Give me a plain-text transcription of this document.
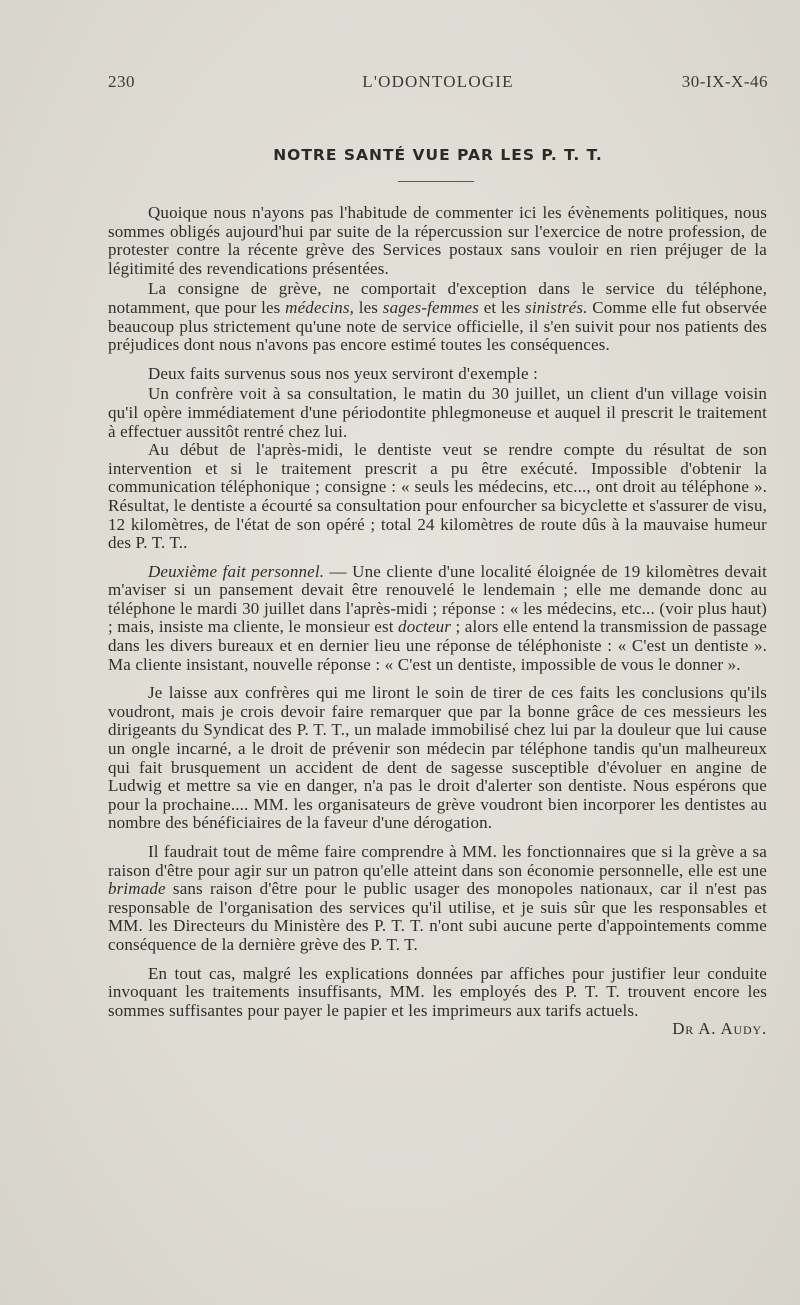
230	L'ODONTOLOGIE	30-IX-X-46
NOTRE SANTÉ VUE PAR LES P. T. T.

Quoique nous n'ayons pas l'habitude de commenter ici les évènements politiques, nous sommes obligés aujourd'hui par suite de la répercussion sur l'exercice de notre profession, de protester contre la récente grève des Services postaux sans vouloir en rien préjuger de la légitimité des revendications présentées.

La consigne de grève, ne comportait d'exception dans le service du téléphone, notamment, que pour les médecins, les sages-femmes et les sinistrés. Comme elle fut observée beaucoup plus strictement qu'une note de service officielle, il s'en suivit pour nos patients des préjudices dont nous n'avons pas encore estimé toutes les conséquences.

Deux faits survenus sous nos yeux serviront d'exemple :

Un confrère voit à sa consultation, le matin du 30 juillet, un client d'un village voisin qu'il opère immédiatement d'une périodontite phlegmoneuse et auquel il prescrit le traitement à effectuer aussitôt rentré chez lui.

Au début de l'après-midi, le dentiste veut se rendre compte du résultat de son intervention et si le traitement prescrit a pu être exécuté. Impossible d'obtenir la communication téléphonique ; consigne : « seuls les médecins, etc..., ont droit au téléphone ». Résultat, le dentiste a écourté sa consultation pour enfourcher sa bicyclette et s'assurer de visu, 12 kilomètres, de l'état de son opéré ; total 24 kilomètres de route dûs à la mauvaise humeur des P. T. T..

Deuxième fait personnel. — Une cliente d'une localité éloignée de 19 kilomètres devait m'aviser si un pansement devait être renouvelé le lendemain ; elle me demande donc au téléphone le mardi 30 juillet dans l'après-midi ; réponse : « les médecins, etc... (voir plus haut) ; mais, insiste ma cliente, le monsieur est docteur ; alors elle entend la transmission de passage dans les divers bureaux et en dernier lieu une réponse de téléphoniste : « C'est un dentiste ». Ma cliente insistant, nouvelle réponse : « C'est un dentiste, impossible de vous le donner ».

Je laisse aux confrères qui me liront le soin de tirer de ces faits les conclusions qu'ils voudront, mais je crois devoir faire remarquer que par la bonne grâce de ces messieurs les dirigeants du Syndicat des P. T. T., un malade immobilisé chez lui par la douleur que lui cause un ongle incarné, a le droit de prévenir son médecin par téléphone tandis qu'un malheureux qui fait brusquement un accident de dent de sagesse susceptible d'évoluer en angine de Ludwig et mettre sa vie en danger, n'a pas le droit d'alerter son dentiste. Nous espérons que pour la prochaine.... MM. les organisateurs de grève voudront bien incorporer les dentistes au nombre des bénéficiaires de la faveur d'une dérogation.

Il faudrait tout de même faire comprendre à MM. les fonctionnaires que si la grève a sa raison d'être pour agir sur un patron qu'elle atteint dans son économie personnelle, elle est une brimade sans raison d'être pour le public usager des monopoles nationaux, car il n'est pas responsable de l'organisation des services qu'il utilise, et je suis sûr que les responsables et MM. les Directeurs du Ministère des P. T. T. n'ont subi aucune perte d'appointements comme conséquence de la dernière grève des P. T. T.

En tout cas, malgré les explications données par affiches pour justifier leur conduite invoquant les traitements insuffisants, MM. les employés des P. T. T. trouvent encore les sommes suffisantes pour payer le papier et les imprimeurs aux tarifs actuels.
Dr A. Audy.
